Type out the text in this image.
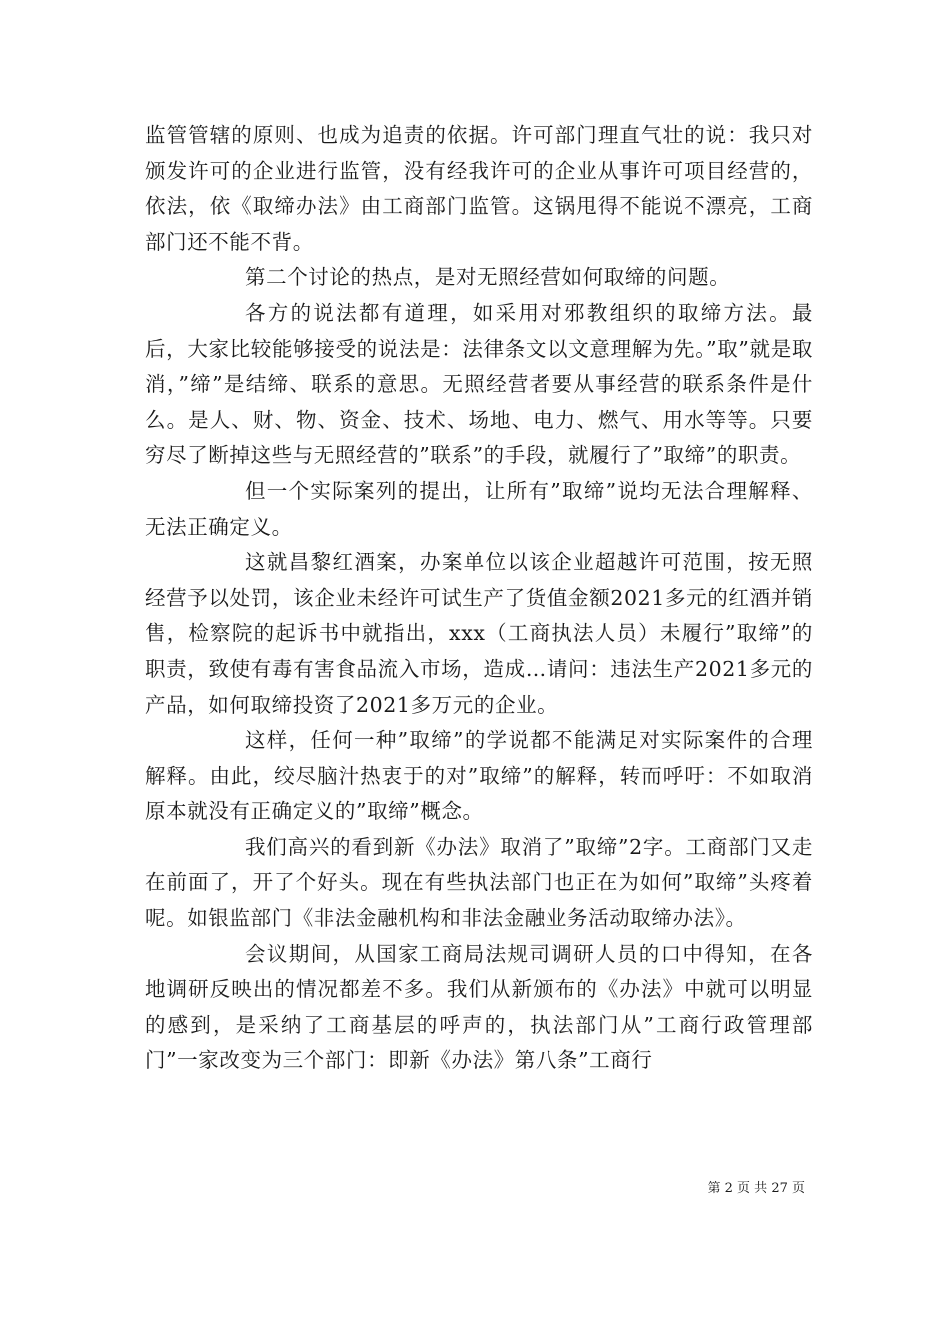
监管管辖的原则、也成为追责的依据。许可部门理直气壮的说：我只对颁发许可的企业进行监管，没有经我许可的企业从事许可项目经营的，依法，依《取缔办法》由工商部门监管。这锅甩得不能说不漂亮，工商部门还不能不背。

第二个讨论的热点，是对无照经营如何取缔的问题。

各方的说法都有道理，如采用对邪教组织的取缔方法。最后，大家比较能够接受的说法是：法律条文以文意理解为先。”取”就是取消，”缔”是结缔、联系的意思。无照经营者要从事经营的联系条件是什么。是人、财、物、资金、技术、场地、电力、燃气、用水等等。只要穷尽了断掉这些与无照经营的”联系”的手段，就履行了”取缔”的职责。

但一个实际案列的提出，让所有”取缔”说均无法合理解释、无法正确定义。

这就昌黎红酒案，办案单位以该企业超越许可范围，按无照经营予以处罚，该企业未经许可试生产了货值金额2021多元的红酒并销售，检察院的起诉书中就指出，xxx（工商执法人员）未履行”取缔”的职责，致使有毒有害食品流入市场，造成…请问：违法生产2021多元的产品，如何取缔投资了2021多万元的企业。

这样，任何一种”取缔”的学说都不能满足对实际案件的合理解释。由此，绞尽脑汁热衷于的对”取缔”的解释，转而呼吁：不如取消原本就没有正确定义的”取缔”概念。

我们高兴的看到新《办法》取消了”取缔”2字。工商部门又走在前面了，开了个好头。现在有些执法部门也正在为如何”取缔”头疼着呢。如银监部门《非法金融机构和非法金融业务活动取缔办法》。

会议期间，从国家工商局法规司调研人员的口中得知，在各地调研反映出的情况都差不多。我们从新颁布的《办法》中就可以明显的感到，是采纳了工商基层的呼声的，执法部门从”工商行政管理部门”一家改变为三个部门：即新《办法》第八条”工商行

第 2 页 共 27 页
